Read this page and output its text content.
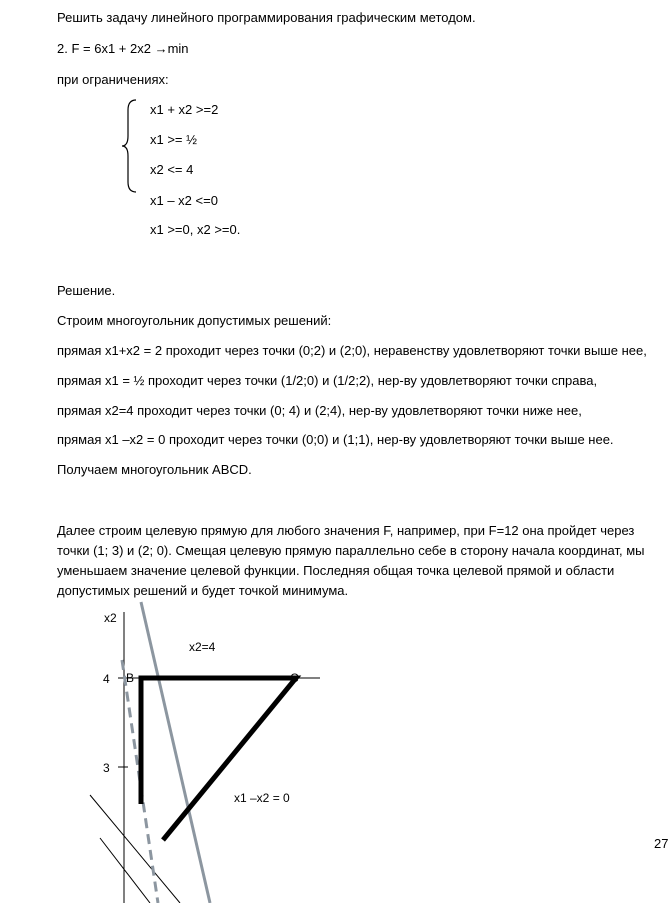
Решить задачу линейного программирования графическим методом.
2. F = 6x1 + 2x2 →min
при ограничениях:
x1 + x2 >=2
x1 >= ½
x2 <= 4
x1 – x2 <=0
x1 >=0, x2 >=0.
Решение.
Строим многоугольник допустимых решений:
прямая x1+x2 = 2 проходит через точки (0;2) и (2;0), неравенству удовлетворяют точки выше нее,
прямая x1 = ½ проходит через точки (1/2;0) и (1/2;2), нер-ву удовлетворяют точки справа,
прямая x2=4 проходит через точки (0; 4) и (2;4), нер-ву удовлетворяют точки ниже нее,
прямая x1 –x2 = 0 проходит через точки (0;0) и (1;1), нер-ву удовлетворяют точки выше нее.
Получаем многоугольник ABCD.
Далее строим целевую прямую для любого значения F, например, при F=12 она пройдет через точки (1; 3) и (2; 0). Смещая целевую прямую параллельно себе в сторону начала координат, мы уменьшаем значение целевой функции. Последняя общая точка целевой прямой и области допустимых решений и будет точкой минимума.
x2
4
3
B	C
x2=4
x1 –x2 = 0
27
